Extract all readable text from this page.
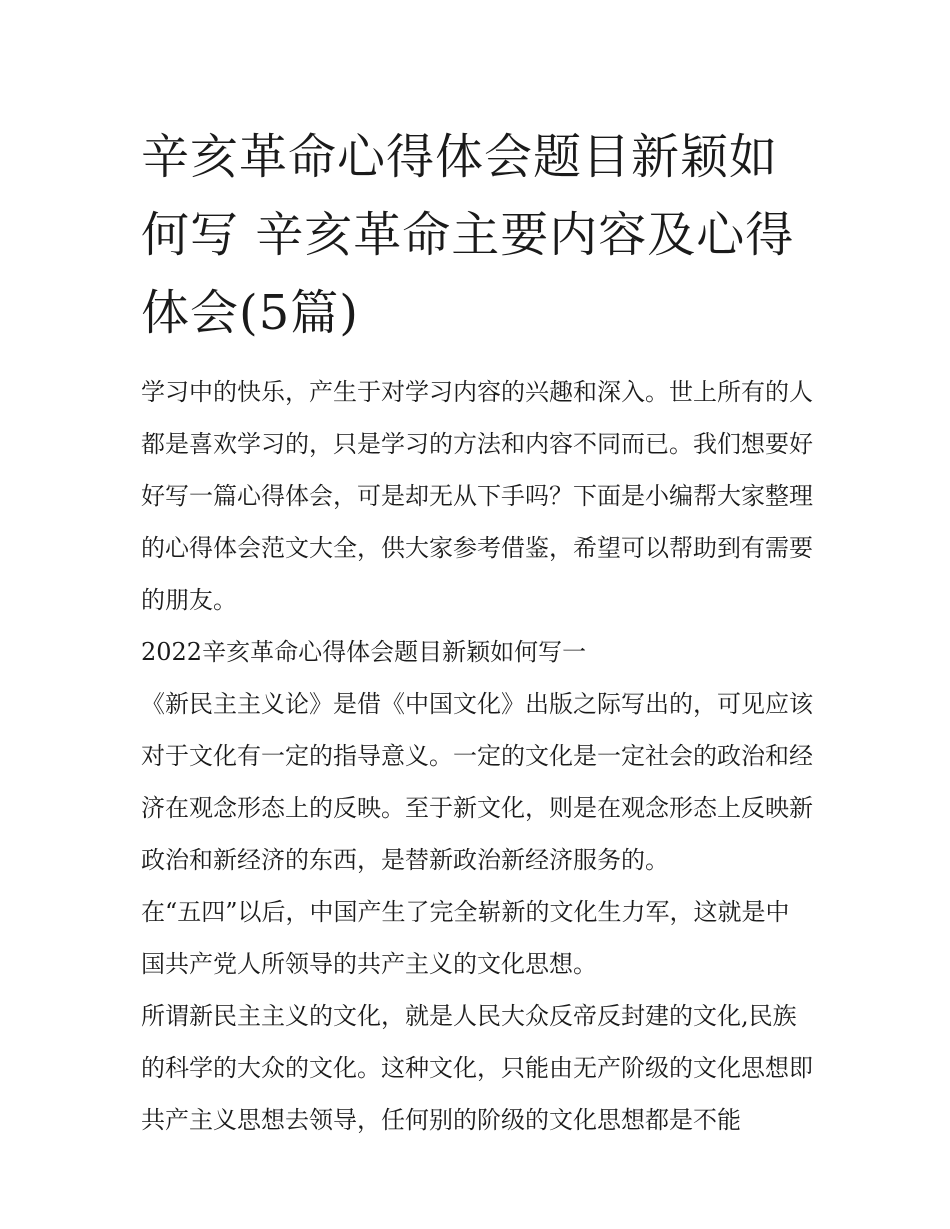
辛亥革命心得体会题目新颖如何写 辛亥革命主要内容及心得体会(5篇)

学习中的快乐，产生于对学习内容的兴趣和深入。世上所有的人都是喜欢学习的，只是学习的方法和内容不同而已。我们想要好好写一篇心得体会，可是却无从下手吗？下面是小编帮大家整理的心得体会范文大全，供大家参考借鉴，希望可以帮助到有需要的朋友。

2022辛亥革命心得体会题目新颖如何写一

《新民主主义论》是借《中国文化》出版之际写出的，可见应该对于文化有一定的指导意义。一定的文化是一定社会的政治和经济在观念形态上的反映。至于新文化，则是在观念形态上反映新政治和新经济的东西，是替新政治新经济服务的。

在“五四”以后，中国产生了完全崭新的文化生力军，这就是中国共产党人所领导的共产主义的文化思想。

所谓新民主主义的文化，就是人民大众反帝反封建的文化,民族的科学的大众的文化。这种文化，只能由无产阶级的文化思想即共产主义思想去领导，任何别的阶级的文化思想都是不能
